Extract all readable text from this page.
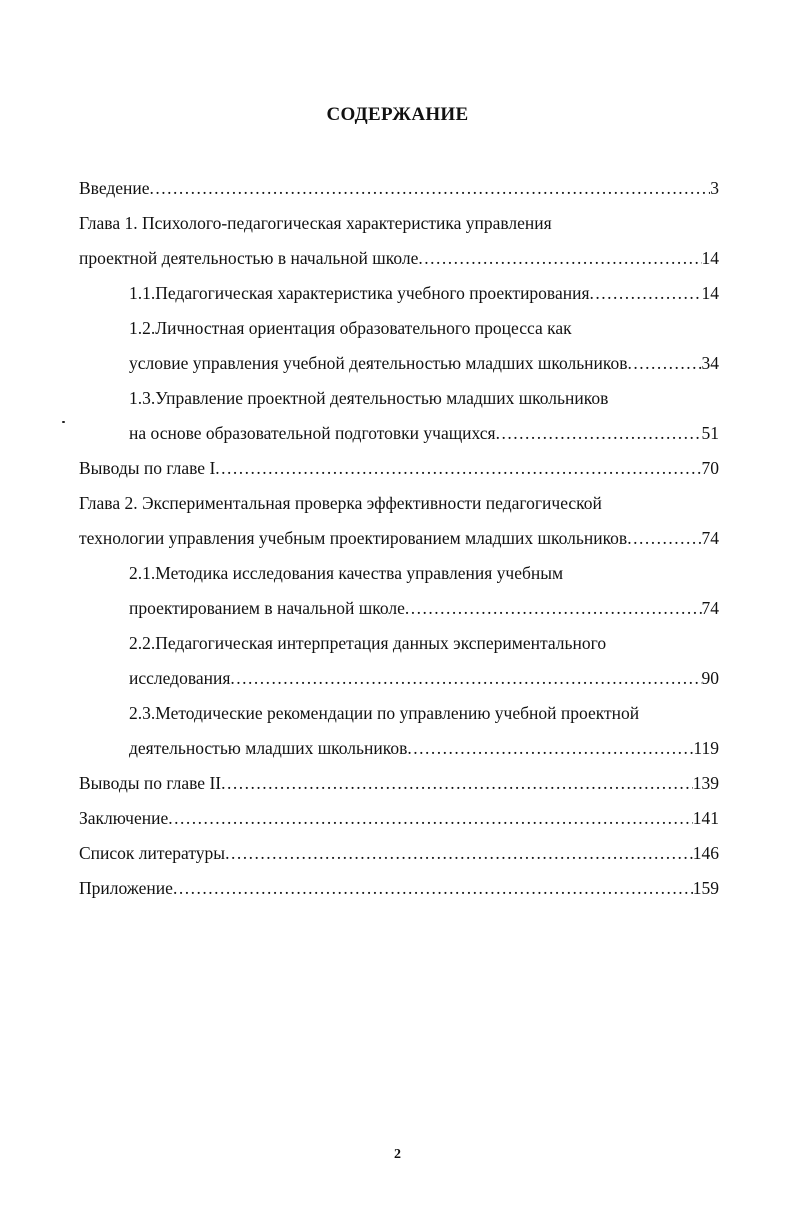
СОДЕРЖАНИЕ
Введение .....	3
Глава 1. Психолого-педагогическая характеристика управления
проектной деятельностью в начальной школе .....	14
1.1.Педагогическая характеристика учебного проектирования .....	14
1.2.Личностная ориентация образовательного процесса как
условие управления учебной деятельностью младших школьников .....	34
1.3.Управление проектной деятельностью младших школьников
на основе образовательной подготовки учащихся .....	51
Выводы по главе I .....	70
Глава 2. Экспериментальная проверка эффективности педагогической
технологии управления учебным проектированием младших школьников .....	74
2.1.Методика исследования качества управления учебным
проектированием в начальной школе .....	74
2.2.Педагогическая интерпретация данных экспериментального
исследования .....	90
2.3.Методические рекомендации по управлению учебной проектной
деятельностью младших школьников .....	119
Выводы по главе II .....	139
Заключение .....	141
Список литературы .....	146
Приложение .....	159
2
